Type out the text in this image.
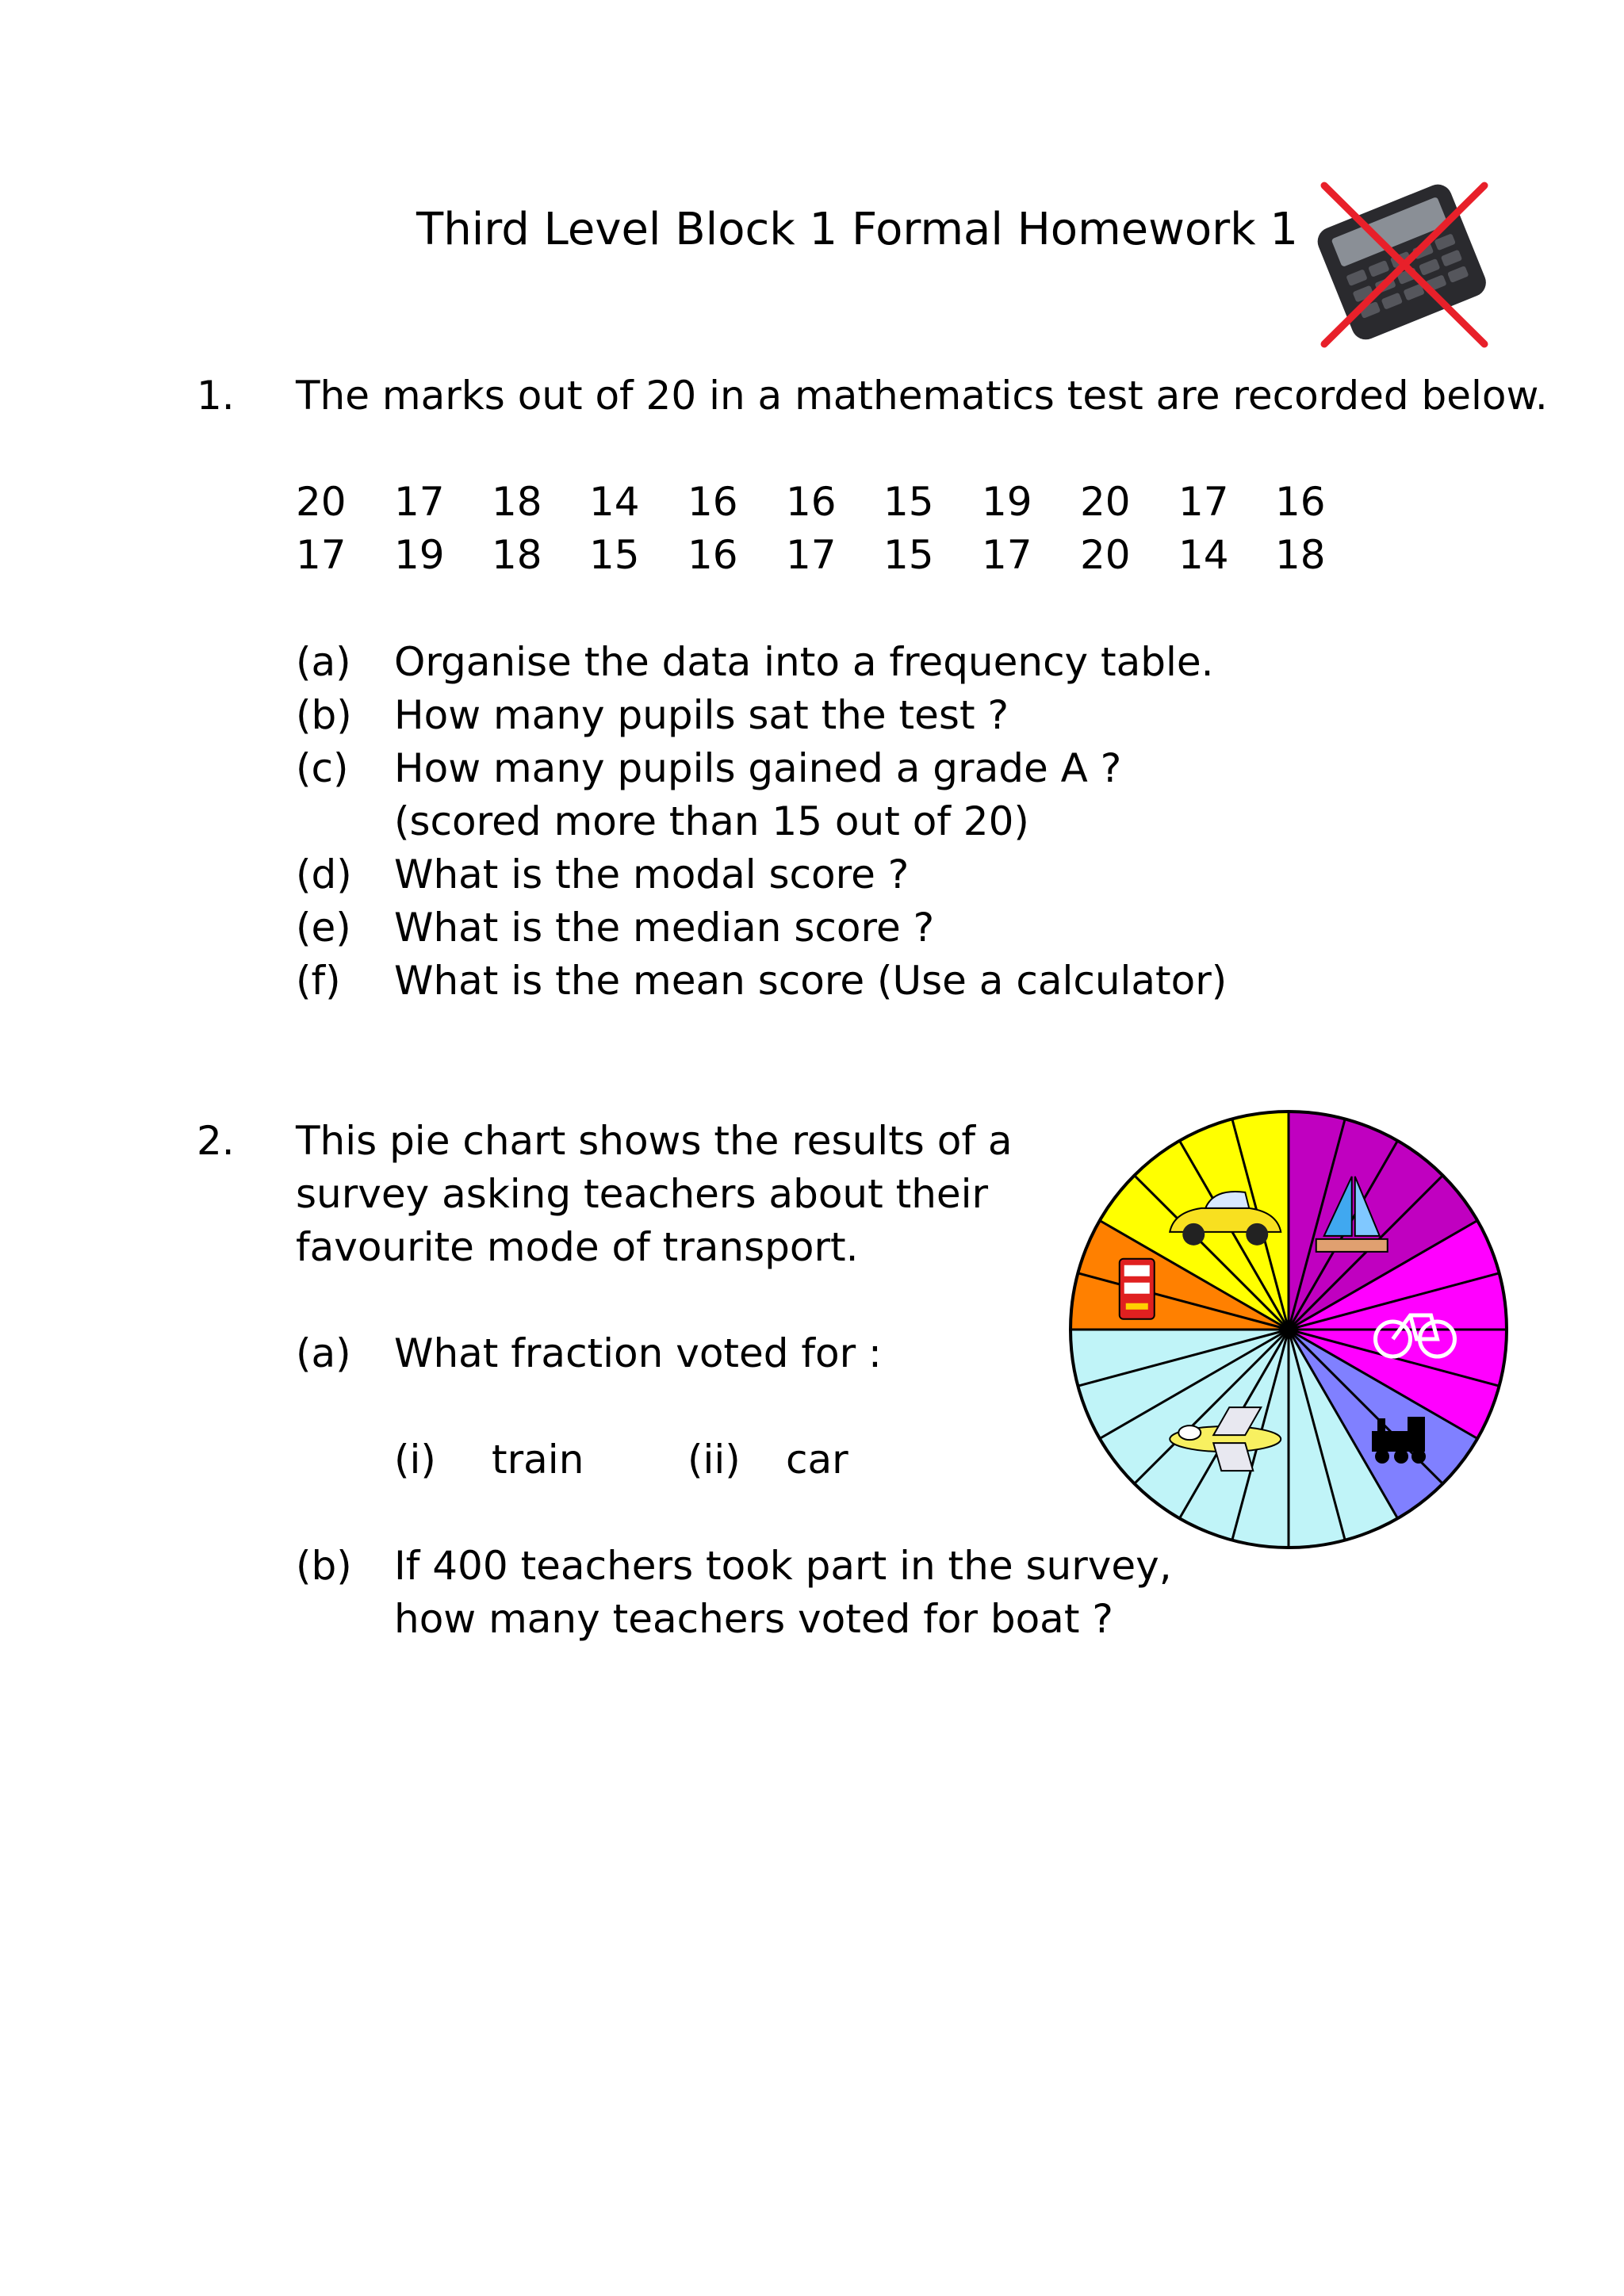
Third Level Block 1 Formal Homework 1
1. The marks out of 20 in a mathematics test are recorded below.
20	17	18	14	16	16	15	19	20	17	16
17	19	18	15	16	17	15	17	20	14	18
(a) Organise the data into a frequency table.
(b) How many pupils sat the test ?
(c) How many pupils gained a grade A ?
(scored more than 15 out of 20)
(d) What is the modal score ?
(e) What is the median score ?
(f) What is the mean score (Use a calculator)
2. This pie chart shows the results of a
survey asking teachers about their
favourite mode of transport.
(a) What fraction voted for :
(i) train	(ii) car
(b) If 400 teachers took part in the survey,
how many teachers voted for boat ?
